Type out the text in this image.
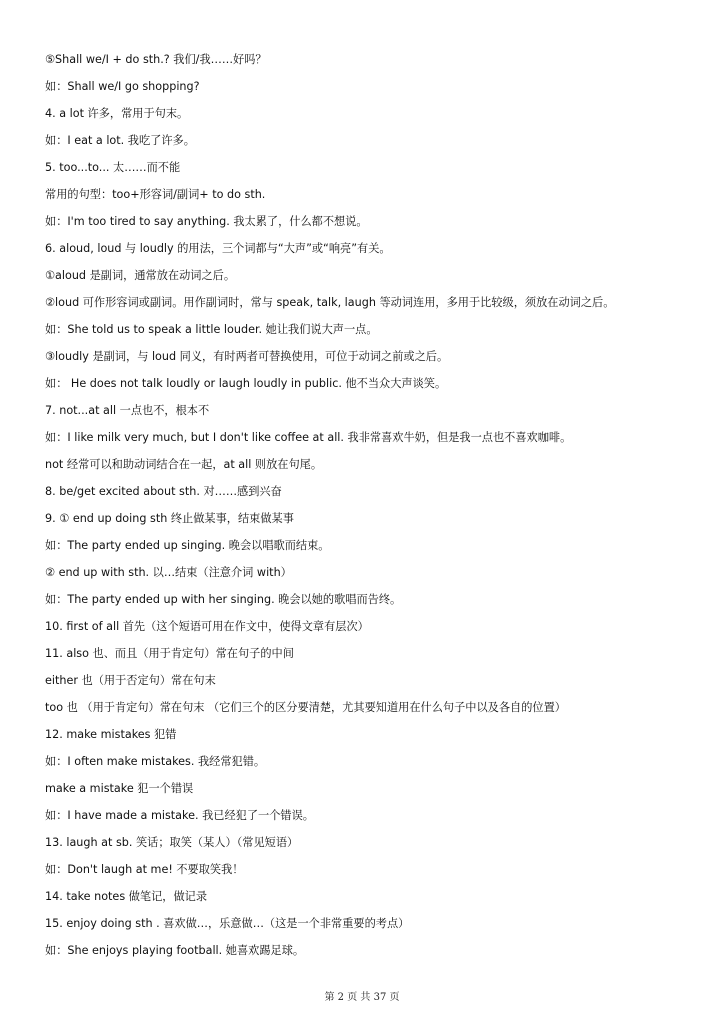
⑤Shall we/I + do sth.? 我们/我……好吗？
如：Shall we/I go shopping?
4. a lot 许多，常用于句末。
如：I eat a lot. 我吃了许多。
5. too...to... 太……而不能
常用的句型：too+形容词/副词+ to do sth.
如：I'm too tired to say anything. 我太累了，什么都不想说。
6. aloud, loud 与 loudly 的用法，三个词都与“大声”或“响亮”有关。
①aloud 是副词，通常放在动词之后。
②loud 可作形容词或副词。用作副词时，常与 speak, talk, laugh 等动词连用，多用于比较级，须放在动词之后。
如：She told us to speak a little louder. 她让我们说大声一点。
③loudly 是副词，与 loud 同义，有时两者可替换使用，可位于动词之前或之后。
如： He does not talk loudly or laugh loudly in public. 他不当众大声谈笑。
7. not...at all 一点也不，根本不
如：I like milk very much, but I don't like coffee at all. 我非常喜欢牛奶，但是我一点也不喜欢咖啡。
not 经常可以和助动词结合在一起，at all 则放在句尾。
8. be/get excited about sth. 对……感到兴奋
9. ① end up doing sth 终止做某事，结束做某事
如：The party ended up singing. 晚会以唱歌而结束。
② end up with sth. 以…结束（注意介词 with）
如：The party ended up with her singing. 晚会以她的歌唱而告终。
10. first of all 首先（这个短语可用在作文中，使得文章有层次）
11. also 也、而且（用于肯定句）常在句子的中间
either 也（用于否定句）常在句末
too 也 （用于肯定句）常在句末 （它们三个的区分要清楚，尤其要知道用在什么句子中以及各自的位置）
12. make mistakes 犯错
如：I often make mistakes. 我经常犯错。
make a mistake 犯一个错误
如：I have made a mistake. 我已经犯了一个错误。
13. laugh at sb. 笑话；取笑（某人）（常见短语）
如：Don't laugh at me! 不要取笑我！
14. take notes 做笔记，做记录
15. enjoy doing sth . 喜欢做…，乐意做…（这是一个非常重要的考点）
如：She enjoys playing football. 她喜欢踢足球。
第 2 页 共 37 页
